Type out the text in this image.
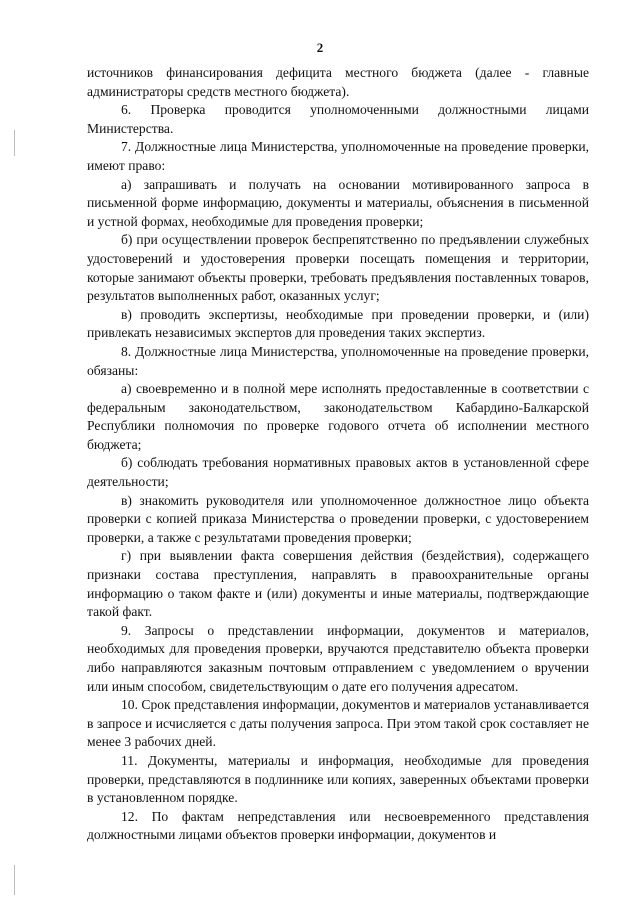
2

источников финансирования дефицита местного бюджета (далее - главные администраторы средств местного бюджета).

6. Проверка проводится уполномоченными должностными лицами Министерства.

7. Должностные лица Министерства, уполномоченные на проведение проверки, имеют право:

а) запрашивать и получать на основании мотивированного запроса в письменной форме информацию, документы и материалы, объяснения в письменной и устной формах, необходимые для проведения проверки;

б) при осуществлении проверок беспрепятственно по предъявлении служебных удостоверений и удостоверения проверки посещать помещения и территории, которые занимают объекты проверки, требовать предъявления поставленных товаров, результатов выполненных работ, оказанных услуг;

в) проводить экспертизы, необходимые при проведении проверки, и (или) привлекать независимых экспертов для проведения таких экспертиз.

8. Должностные лица Министерства, уполномоченные на проведение проверки, обязаны:

а) своевременно и в полной мере исполнять предоставленные в соответствии с федеральным законодательством, законодательством Кабардино-Балкарской Республики полномочия по проверке годового отчета об исполнении местного бюджета;

б) соблюдать требования нормативных правовых актов в установленной сфере деятельности;

в) знакомить руководителя или уполномоченное должностное лицо объекта проверки с копией приказа Министерства о проведении проверки, с удостоверением проверки, а также с результатами проведения проверки;

г) при выявлении факта совершения действия (бездействия), содержащего признаки состава преступления, направлять в правоохранительные органы информацию о таком факте и (или) документы и иные материалы, подтверждающие такой факт.

9. Запросы о представлении информации, документов и материалов, необходимых для проведения проверки, вручаются представителю объекта проверки либо направляются заказным почтовым отправлением с уведомлением о вручении или иным способом, свидетельствующим о дате его получения адресатом.

10. Срок представления информации, документов и материалов устанавливается в запросе и исчисляется с даты получения запроса. При этом такой срок составляет не менее 3 рабочих дней.

11. Документы, материалы и информация, необходимые для проведения проверки, представляются в подлиннике или копиях, заверенных объектами проверки в установленном порядке.

12. По фактам непредставления или несвоевременного представления должностными лицами объектов проверки информации, документов и
